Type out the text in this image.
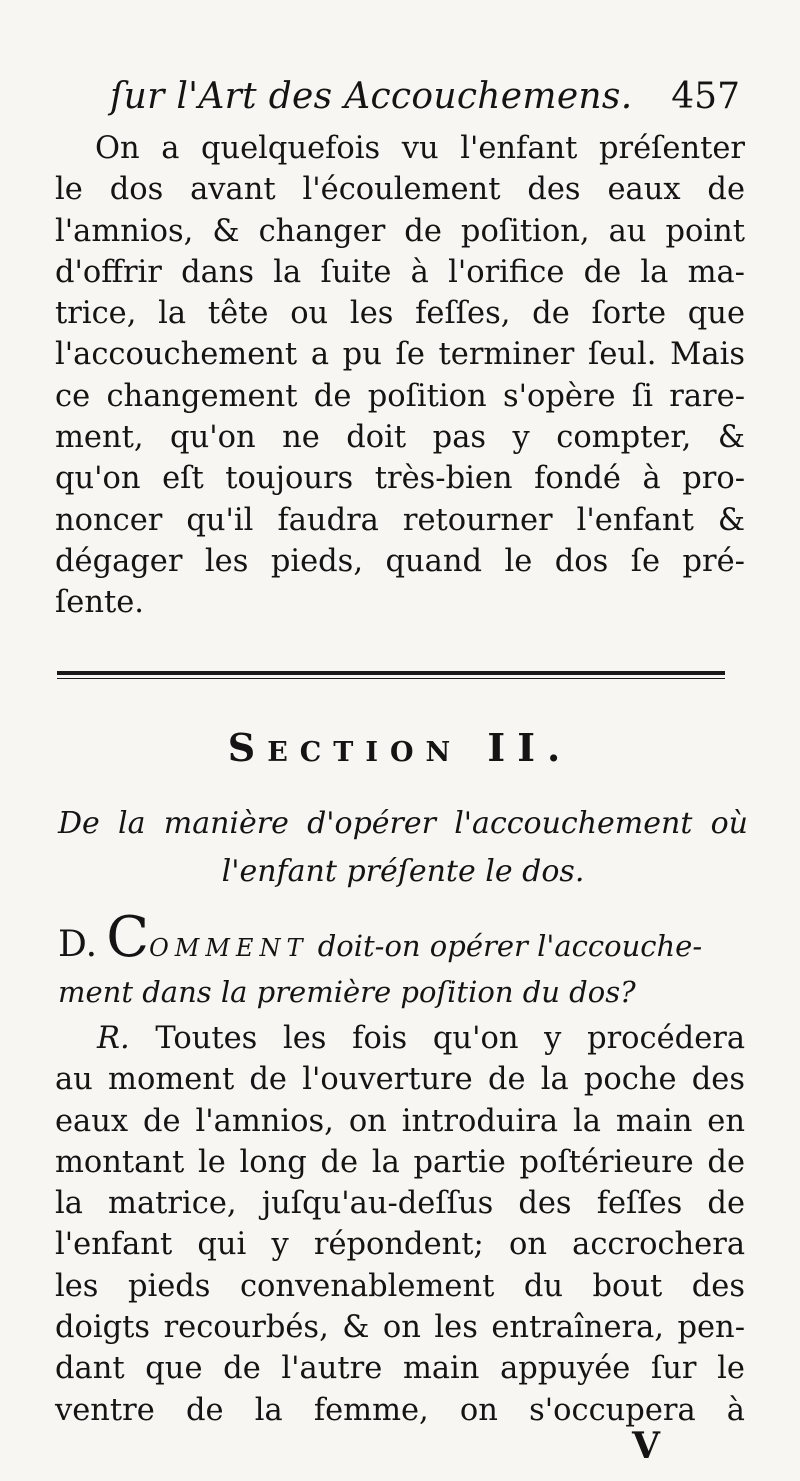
ſur l'Art des Accouchemens. 457
On a quelquefois vu l'enfant préſenter
le dos avant l'écoulement des eaux de
l'amnios, & changer de poſition, au point
d'offrir dans la ſuite à l'orifice de la ma-
trice, la tête ou les feſſes, de ſorte que
l'accouchement a pu ſe terminer ſeul. Mais
ce changement de poſition s'opère ſi rare-
ment, qu'on ne doit pas y compter, &
qu'on eſt toujours très-bien fondé à pro-
noncer qu'il faudra retourner l'enfant &
dégager les pieds, quand le dos ſe pré-
ſente.
Section II.
De la manière d'opérer l'accouchement où
l'enfant préſente le dos.
D. COMMENT doit-on opérer l'accouche-
ment dans la première poſition du dos?
R. Toutes les fois qu'on y procédera
au moment de l'ouverture de la poche des
eaux de l'amnios, on introduira la main en
montant le long de la partie poſtérieure de
la matrice, juſqu'au-deſſus des feſſes de
l'enfant qui y répondent; on accrochera
les pieds convenablement du bout des
doigts recourbés, & on les entraînera, pen-
dant que de l'autre main appuyée ſur le
ventre de la femme, on s'occupera à
V
